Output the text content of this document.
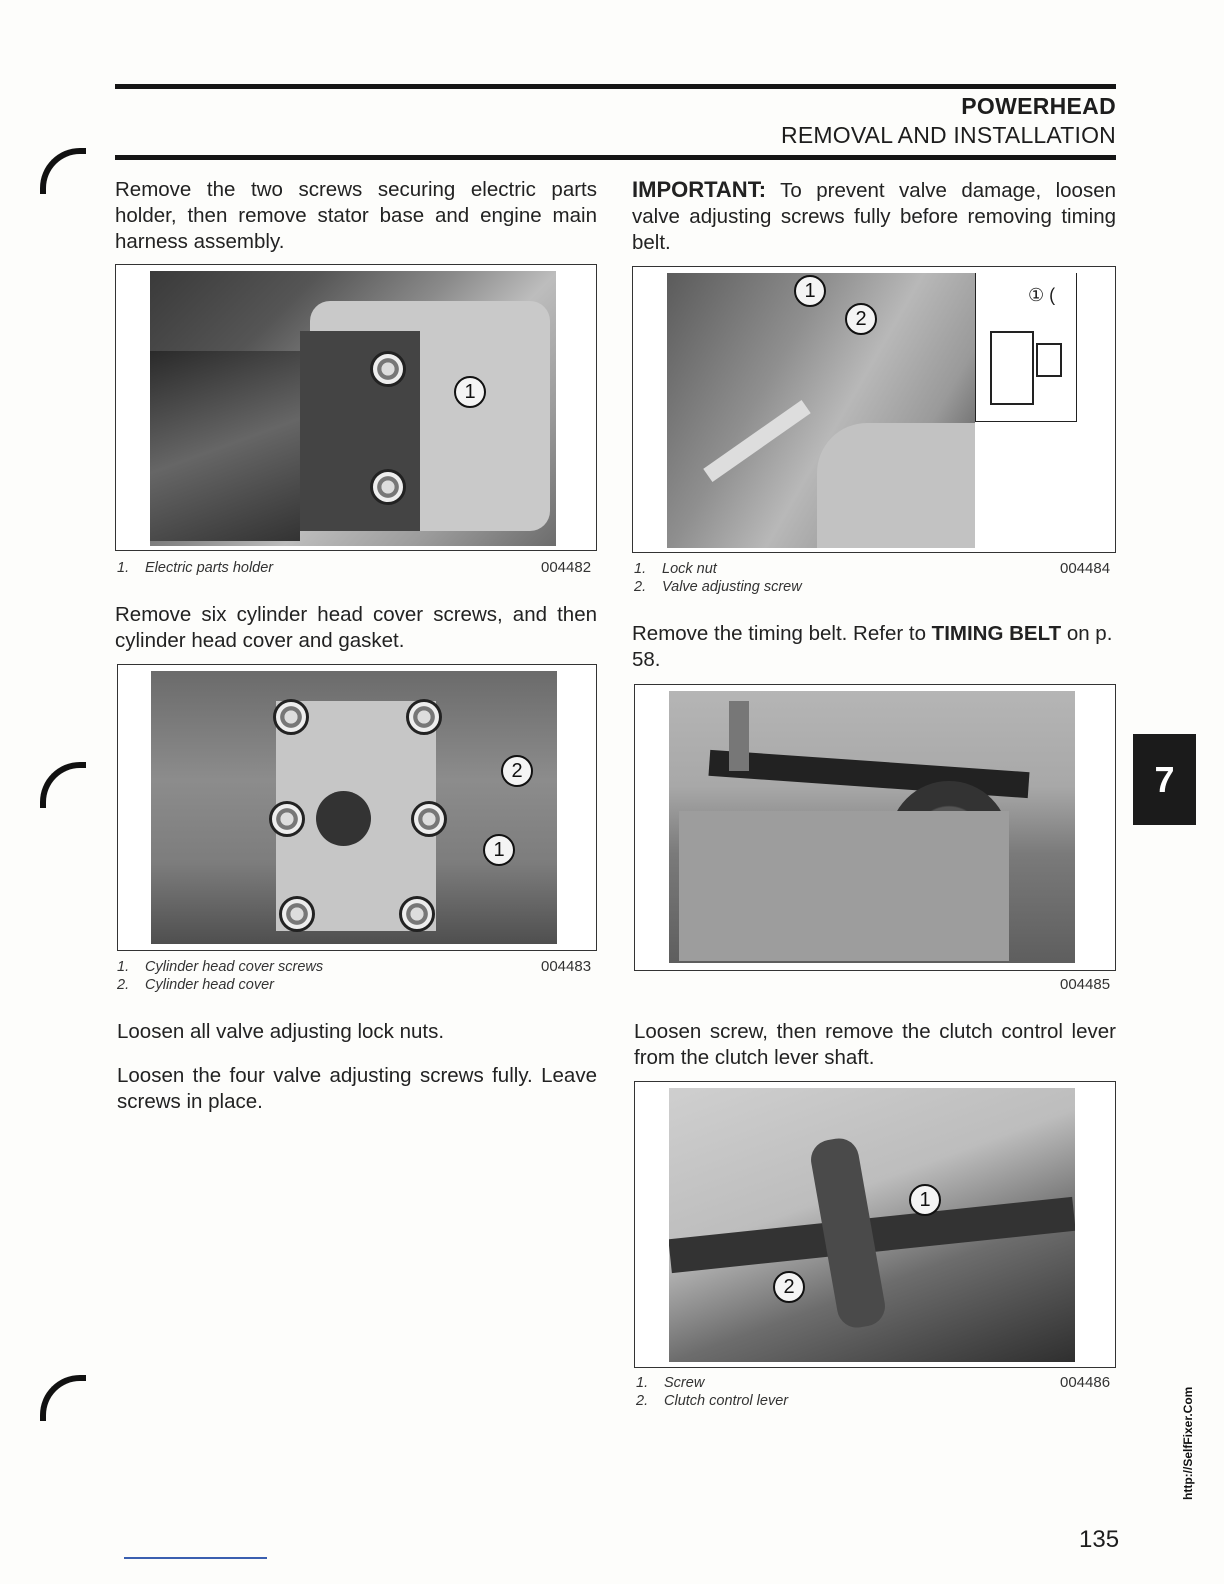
POWERHEAD
REMOVAL AND INSTALLATION
Remove the two screws securing electric parts holder, then remove stator base and engine main harness assembly.
1
1. Electric parts holder	004482
Remove six cylinder head cover screws, and then cylinder head cover and gasket.
2
1
1. Cylinder head cover screws
2. Cylinder head cover
004483
Loosen all valve adjusting lock nuts.
Loosen the four valve adjusting screws fully. Leave screws in place.
IMPORTANT: To prevent valve damage, loosen valve adjusting screws fully before removing timing belt.
1
2
① (
1. Lock nut
2. Valve adjusting screw
004484
Remove the timing belt. Refer to TIMING BELT on p. 58.
004485
Loosen screw, then remove the clutch control lever from the clutch lever shaft.
1
2
1. Screw
2. Clutch control lever
004486
7
http://SelfFixer.Com
135
